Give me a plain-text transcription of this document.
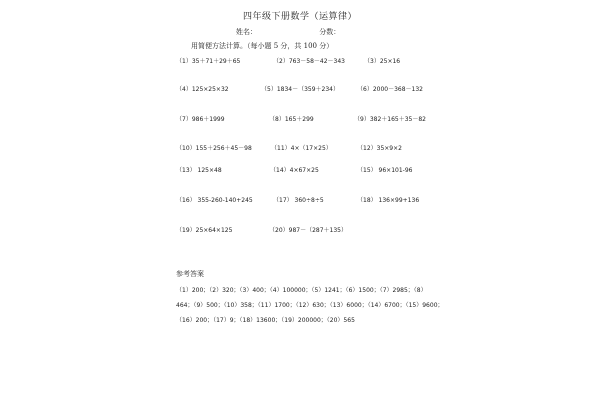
四年级下册数学（运算律）
姓名：	分数：
用简便方法计算。（每小题 5 分，共 100 分）
（1）35＋71＋29＋65	（2）763－58－42－343	（3）25×16
（4）125×25×32	（5）1834－（359＋234）	（6）2000－368－132
（7）986＋1999	（8）165＋299	（9）382＋165＋35－82
（10）155＋256＋45－98	（11）4×（17×25）	（12）35×9×2
（13） 125×48	（14）4×67×25	（15） 96×101-96
（16） 355-260-140+245	（17） 360÷8÷5	（18） 136×99+136
（19）25×64×125	（20）987－（287＋135）
参考答案
（1）200；（2）320；（3）400；（4）100000；（5）1241；（6）1500；（7）2985；（8）
464；（9）500；（10）358；（11）1700；（12）630；（13）6000；（14）6700；（15）9600；
（16）200；（17）9；（18）13600；（19）200000；（20）565
